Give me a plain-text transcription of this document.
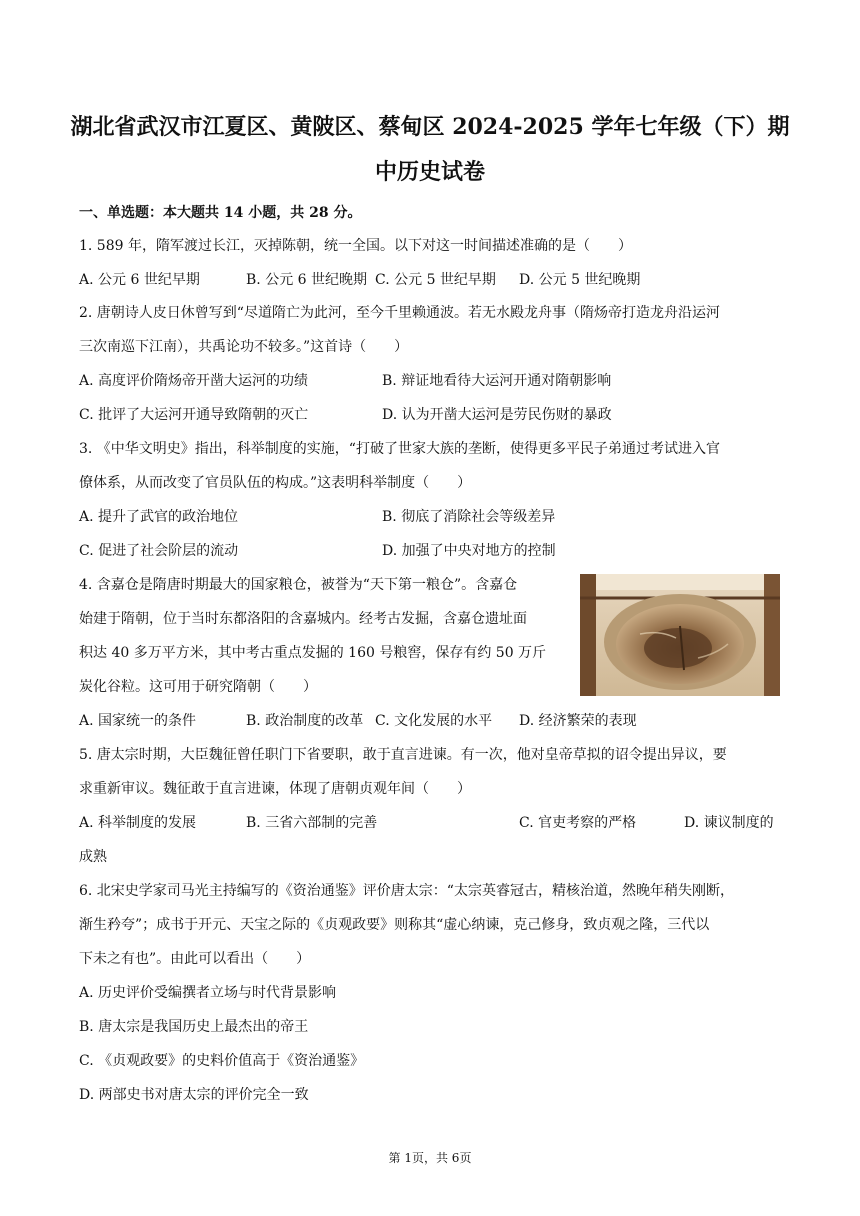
湖北省武汉市江夏区、黄陂区、蔡甸区 2024-2025 学年七年级（下）期
中历史试卷
一、单选题：本大题共 14 小题，共 28 分。
1. 589 年，隋军渡过长江，灭掉陈朝，统一全国。以下对这一时间描述准确的是（　　）
A. 公元 6 世纪早期	B. 公元 6 世纪晚期 C. 公元 5 世纪早期 D. 公元 5 世纪晚期
2. 唐朝诗人皮日休曾写到“尽道隋亡为此河，至今千里赖通波。若无水殿龙舟事（隋炀帝打造龙舟沿运河
三次南巡下江南），共禹论功不较多。”这首诗（　　）
A. 高度评价隋炀帝开凿大运河的功绩	B. 辩证地看待大运河开通对隋朝影响
C. 批评了大运河开通导致隋朝的灭亡	D. 认为开凿大运河是劳民伤财的暴政
3. 《中华文明史》指出，科举制度的实施，“打破了世家大族的垄断，使得更多平民子弟通过考试进入官
僚体系，从而改变了官员队伍的构成。”这表明科举制度（　　）
A. 提升了武官的政治地位	B. 彻底了消除社会等级差异
C. 促进了社会阶层的流动	D. 加强了中央对地方的控制
4. 含嘉仓是隋唐时期最大的国家粮仓，被誉为“天下第一粮仓”。含嘉仓
始建于隋朝，位于当时东都洛阳的含嘉城内。经考古发掘，含嘉仓遗址面
积达 40 多万平方米，其中考古重点发掘的 160 号粮窖，保存有约 50 万斤
炭化谷粒。这可用于研究隋朝（　　）
A. 国家统一的条件	B. 政治制度的改革 C. 文化发展的水平 D. 经济繁荣的表现
5. 唐太宗时期，大臣魏征曾任职门下省要职，敢于直言进谏。有一次，他对皇帝草拟的诏令提出异议，要
求重新审议。魏征敢于直言进谏，体现了唐朝贞观年间（　　）
A. 科举制度的发展	B. 三省六部制的完善	C. 官吏考察的严格	D. 谏议制度的
成熟
6. 北宋史学家司马光主持编写的《资治通鉴》评价唐太宗：“太宗英睿冠古，精核治道，然晚年稍失刚断，
渐生矜夸”；成书于开元、天宝之际的《贞观政要》则称其“虚心纳谏，克己修身，致贞观之隆，三代以
下未之有也”。由此可以看出（　　）
A. 历史评价受编撰者立场与时代背景影响
B. 唐太宗是我国历史上最杰出的帝王
C. 《贞观政要》的史料价值高于《资治通鉴》
D. 两部史书对唐太宗的评价完全一致
第 1页，共 6页
